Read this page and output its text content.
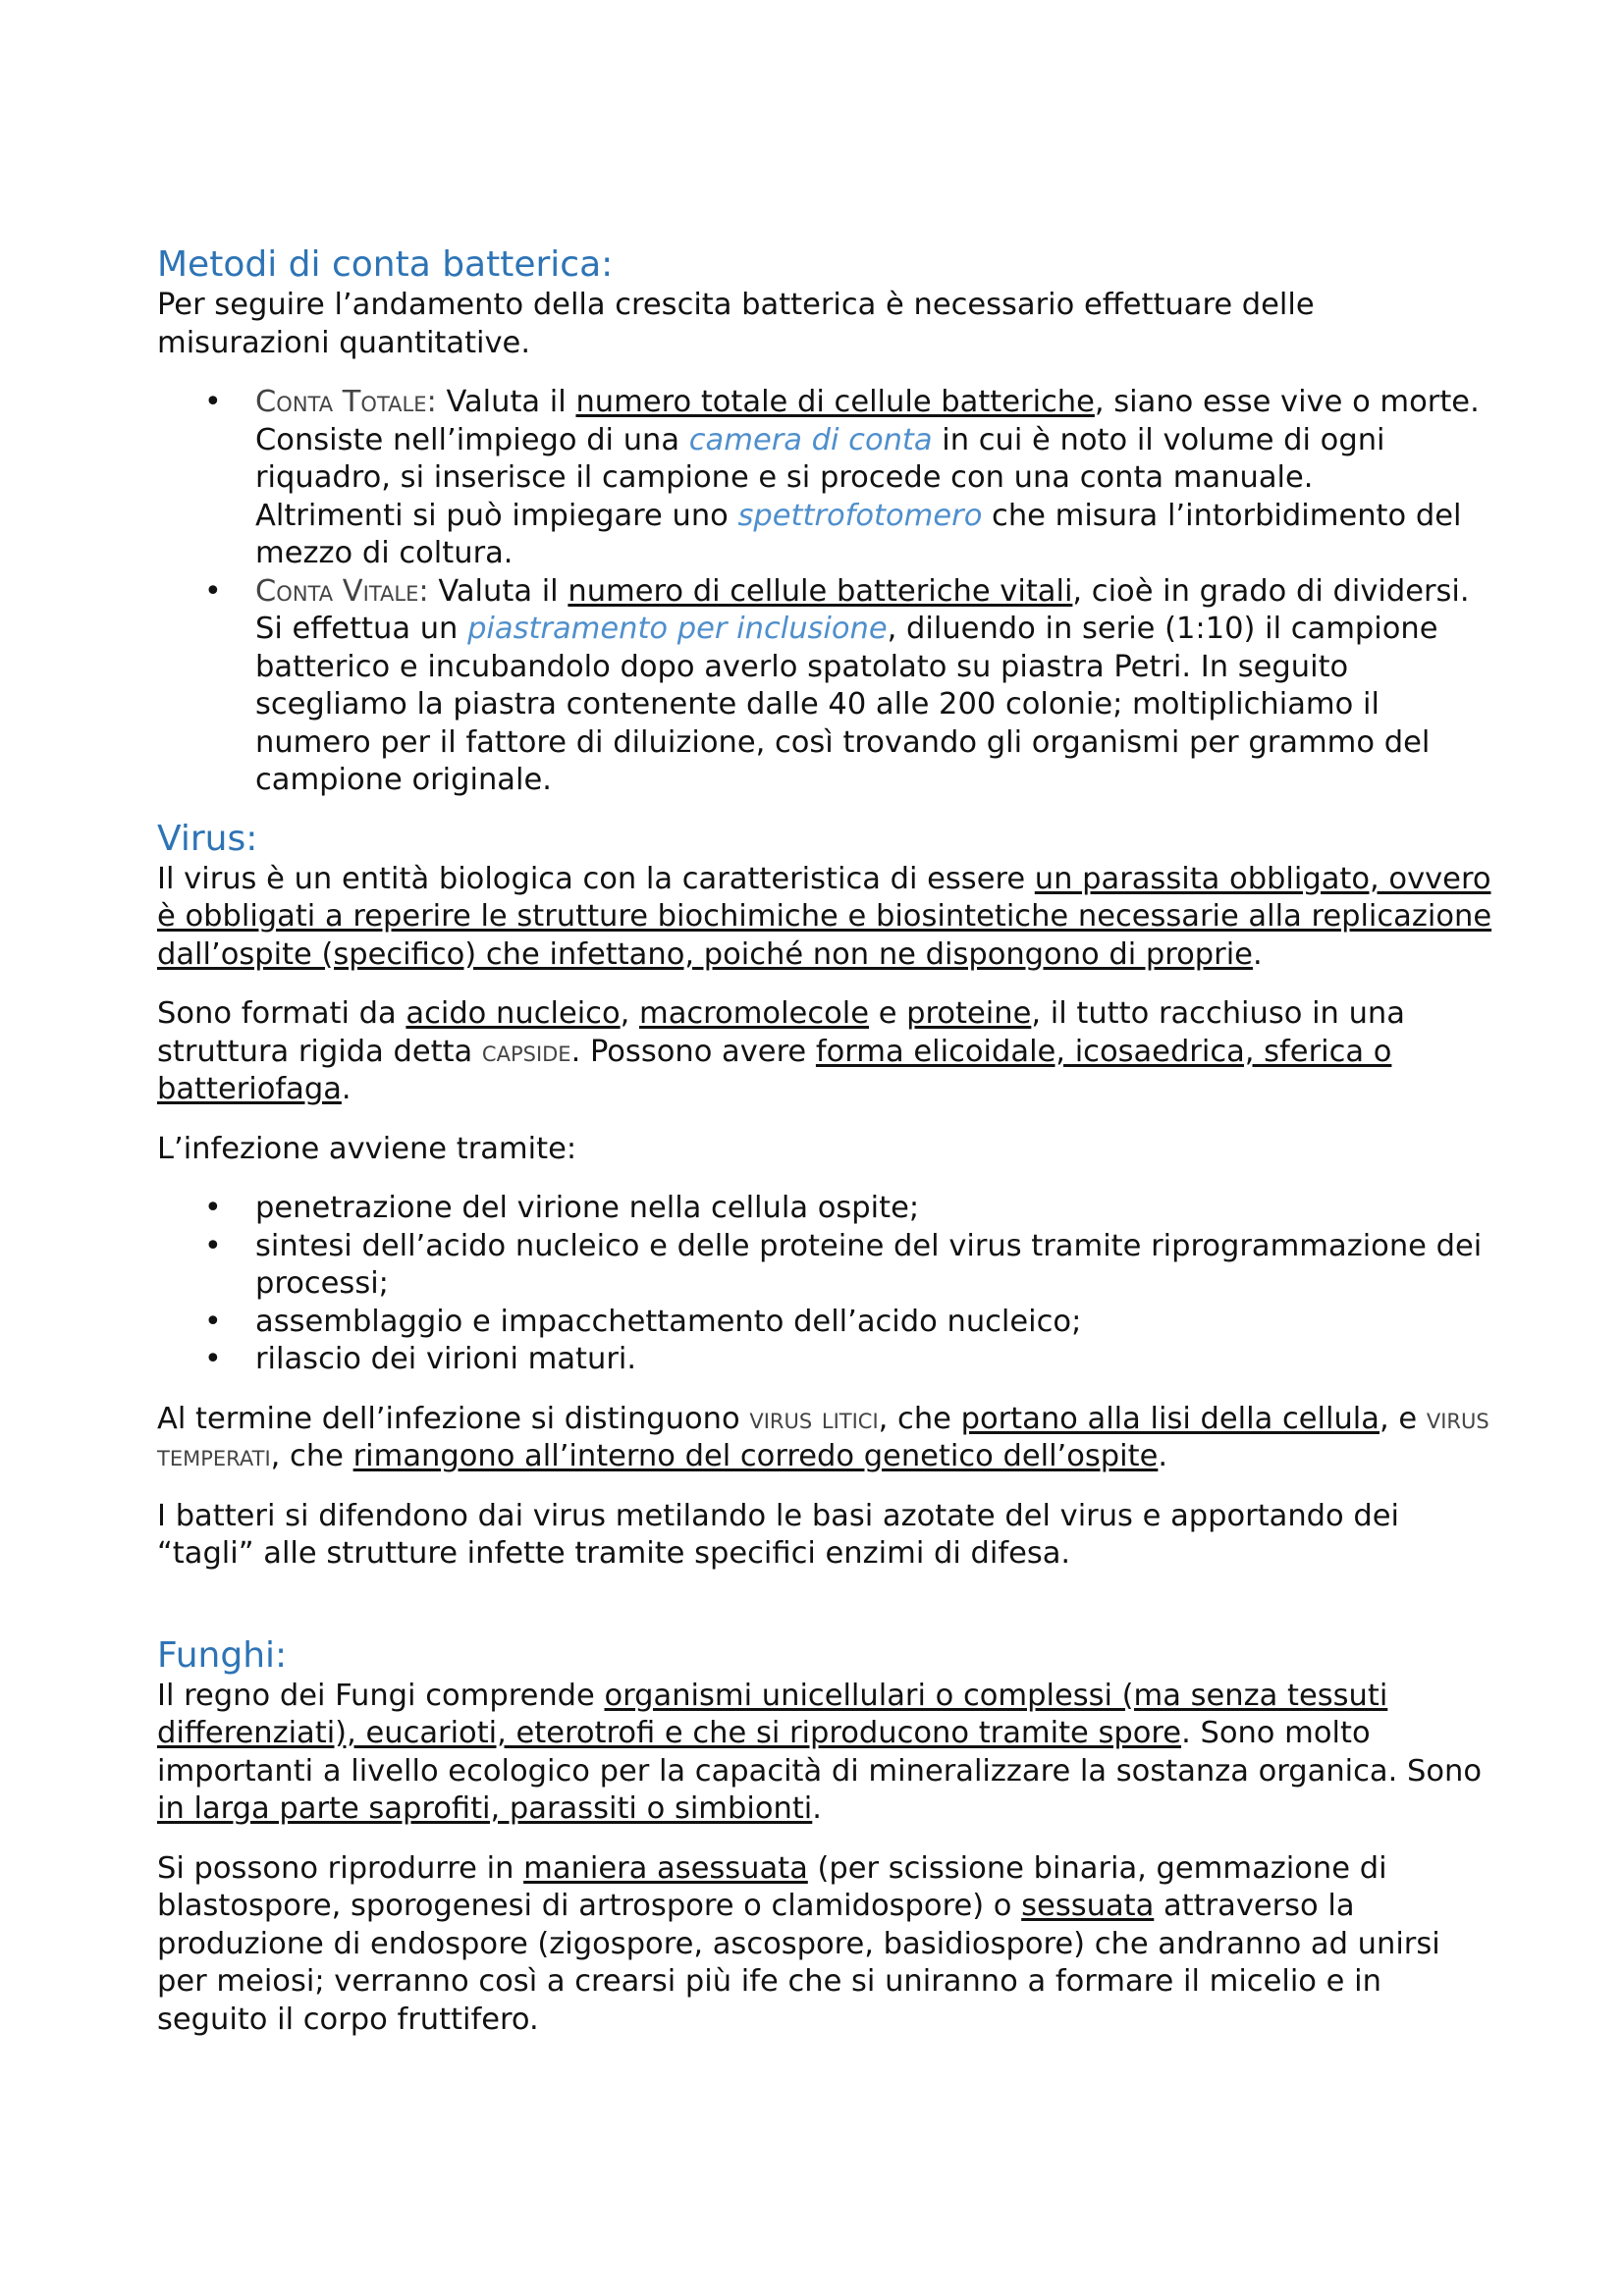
Metodi di conta batterica:

Per seguire l’andamento della crescita batterica è necessario effettuare delle misurazioni quantitative.

• Conta Totale: Valuta il numero totale di cellule batteriche, siano esse vive o morte.
Consiste nell’impiego di una camera di conta in cui è noto il volume di ogni riquadro, si inserisce il campione e si procede con una conta manuale.
Altrimenti si può impiegare uno spettrofotomero che misura l’intorbidimento del mezzo di coltura.
• Conta Vitale: Valuta il numero di cellule batteriche vitali, cioè in grado di dividersi.
Si effettua un piastramento per inclusione, diluendo in serie (1:10) il campione batterico e incubandolo dopo averlo spatolato su piastra Petri. In seguito scegliamo la piastra contenente dalle 40 alle 200 colonie; moltiplichiamo il numero per il fattore di diluizione, così trovando gli organismi per grammo del campione originale.
Virus:

Il virus è un entità biologica con la caratteristica di essere un parassita obbligato, ovvero è obbligati a reperire le strutture biochimiche e biosintetiche necessarie alla replicazione dall’ospite (specifico) che infettano, poiché non ne dispongono di proprie.

Sono formati da acido nucleico, macromolecole e proteine, il tutto racchiuso in una struttura rigida detta capside. Possono avere forma elicoidale, icosaedrica, sferica o batteriofaga.

L’infezione avviene tramite:

• penetrazione del virione nella cellula ospite;
• sintesi dell’acido nucleico e delle proteine del virus tramite riprogrammazione dei processi;
• assemblaggio e impacchettamento dell’acido nucleico;
• rilascio dei virioni maturi.

Al termine dell’infezione si distinguono virus litici, che portano alla lisi della cellula, e virus temperati, che rimangono all’interno del corredo genetico dell’ospite.

I batteri si difendono dai virus metilando le basi azotate del virus e apportando dei “tagli” alle strutture infette tramite specifici enzimi di difesa.

Funghi:

Il regno dei Fungi comprende organismi unicellulari o complessi (ma senza tessuti differenziati), eucarioti, eterotrofi e che si riproducono tramite spore. Sono molto importanti a livello ecologico per la capacità di mineralizzare la sostanza organica. Sono in larga parte saprofiti, parassiti o simbionti.

Si possono riprodurre in maniera asessuata (per scissione binaria, gemmazione di blastospore, sporogenesi di artrospore o clamidospore) o sessuata attraverso la produzione di endospore (zigospore, ascospore, basidiospore) che andranno ad unirsi per meiosi; verranno così a crearsi più ife che si uniranno a formare il micelio e in seguito il corpo fruttifero.
